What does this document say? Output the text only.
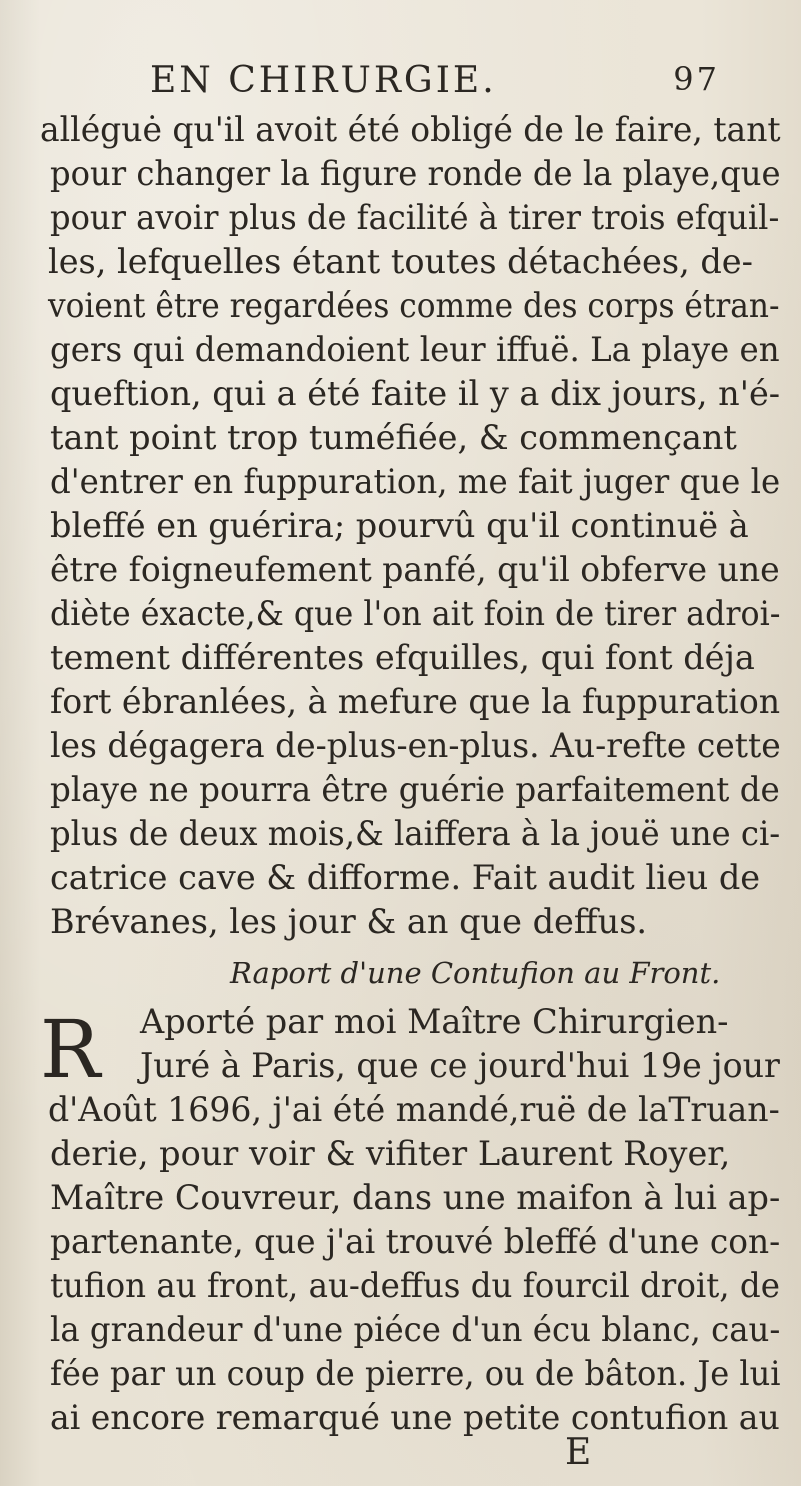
EN CHIRURGIE.	97
alléguė qu'il avoit été obligé de le faire, tant
pour changer la figure ronde de la playe,que
pour avoir plus de facilité à tirer trois efquil-
les, lefquelles étant toutes détachées, de-
voient être regardées comme des corps étran-
gers qui demandoient leur iffuë. La playe en
queftion, qui a été faite il y a dix jours, n'é-
tant point trop tuméfiée, & commençant
d'entrer en fuppuration, me fait juger que le
bleffé en guérira; pourvû qu'il continuë à
être foigneufement panfé, qu'il obferve une
diète éxacte,& que l'on ait foin de tirer adroi-
tement différentes efquilles, qui font déja
fort ébranlées, à mefure que la fuppuration
les dégagera de-plus-en-plus. Au-refte cette
playe ne pourra être guérie parfaitement de
plus de deux mois,& laiffera à la jouë une ci-
catrice cave & difforme. Fait audit lieu de
Brévanes, les jour & an que deffus.
Raport d'une Contufion au Front.
R Aporté par moi Maître Chirurgien-
Juré à Paris, que ce jourd'hui 19e jour
d'Août 1696, j'ai été mandé,ruë de laTruan-
derie, pour voir & vifiter Laurent Royer,
Maître Couvreur, dans une maifon à lui ap-
partenante, que j'ai trouvé bleffé d'une con-
tufion au front, au-deffus du fourcil droit, de
la grandeur d'une piéce d'un écu blanc, cau-
fée par un coup de pierre, ou de bâton. Je lui
ai encore remarqué une petite contufion au
E
